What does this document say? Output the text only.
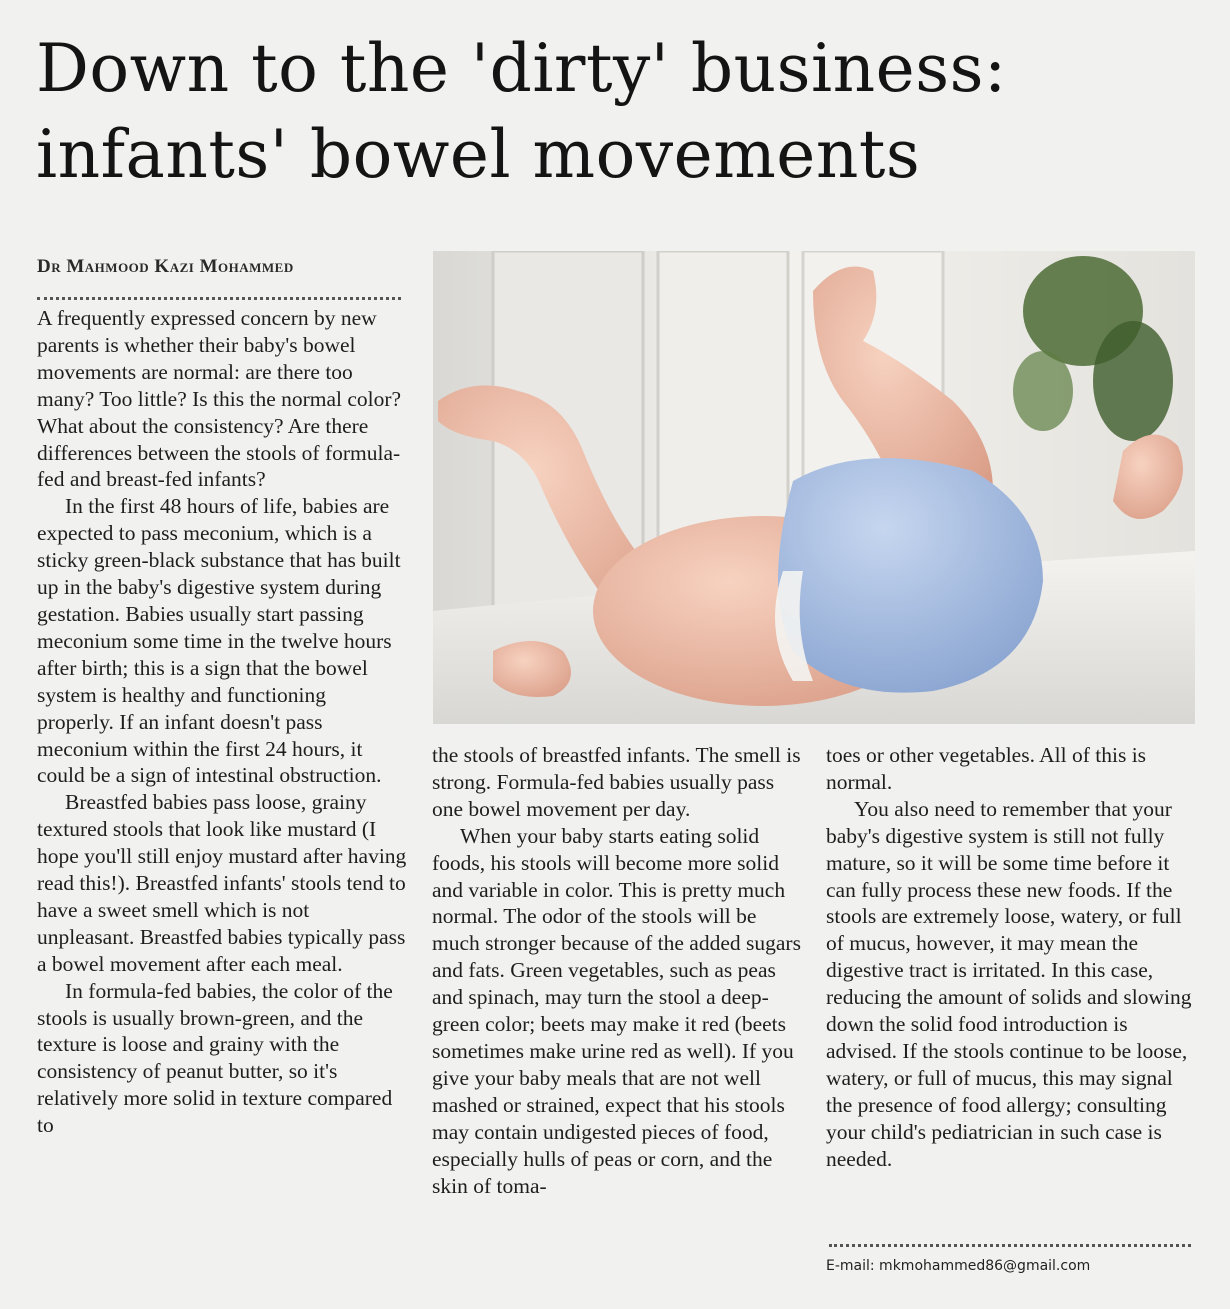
Down to the 'dirty' business:
infants' bowel movements
Dr Mahmood Kazi Mohammed

A frequently expressed concern by new parents is whether their baby's bowel movements are normal: are there too many? Too little? Is this the normal color? What about the consistency? Are there differences between the stools of formula-fed and breast-fed infants?

In the first 48 hours of life, babies are expected to pass meconium, which is a sticky green-black substance that has built up in the baby's digestive system during gestation. Babies usually start passing meconium some time in the twelve hours after birth; this is a sign that the bowel system is healthy and functioning properly. If an infant doesn't pass meconium within the first 24 hours, it could be a sign of intestinal obstruction.

Breastfed babies pass loose, grainy textured stools that look like mustard (I hope you'll still enjoy mustard after having read this!). Breastfed infants' stools tend to have a sweet smell which is not unpleasant. Breastfed babies typically pass a bowel movement after each meal.

In formula-fed babies, the color of the stools is usually brown-green, and the texture is loose and grainy with the consistency of peanut butter, so it's relatively more solid in texture compared to

the stools of breastfed infants. The smell is strong. Formula-fed babies usually pass one bowel movement per day.

When your baby starts eating solid foods, his stools will become more solid and variable in color. This is pretty much normal. The odor of the stools will be much stronger because of the added sugars and fats. Green vegetables, such as peas and spinach, may turn the stool a deep-green color; beets may make it red (beets sometimes make urine red as well). If you give your baby meals that are not well mashed or strained, expect that his stools may contain undigested pieces of food, especially hulls of peas or corn, and the skin of toma-

toes or other vegetables. All of this is normal.

You also need to remember that your baby's digestive system is still not fully mature, so it will be some time before it can fully process these new foods. If the stools are extremely loose, watery, or full of mucus, however, it may mean the digestive tract is irritated. In this case, reducing the amount of solids and slowing down the solid food introduction is advised. If the stools continue to be loose, watery, or full of mucus, this may signal the presence of food allergy; consulting your child's pediatrician in such case is needed.

E-mail: mkmohammed86@gmail.com
